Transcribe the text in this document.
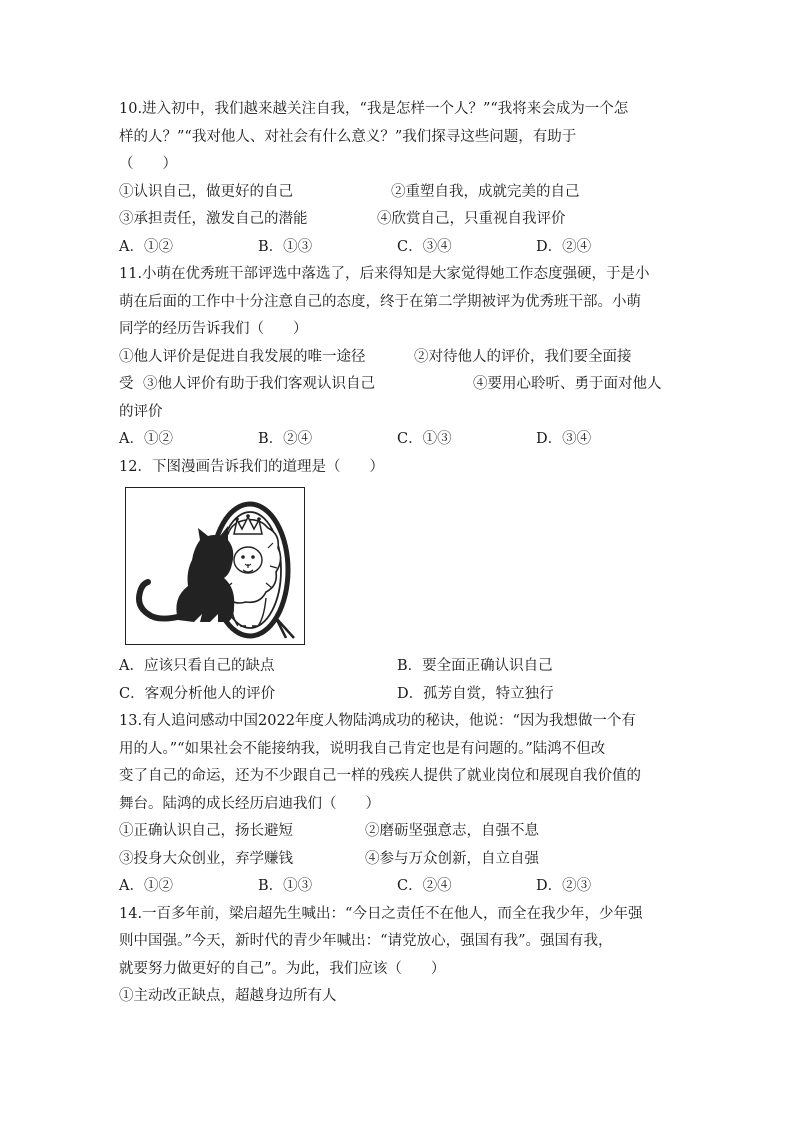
10.进入初中，我们越来越关注自我，“我是怎样一个人？”“我将来会成为一个怎

样的人？”“我对他人、对社会有什么意义？”我们探寻这些问题，有助于

（　　）

①认识自己，做更好的自己	②重塑自我，成就完美的自己
③承担责任，激发自己的潜能	④欣赏自己，只重视自我评价
A．①②	B．①③	C．③④	D．②④

11.小萌在优秀班干部评选中落选了，后来得知是大家觉得她工作态度强硬，于是小

萌在后面的工作中十分注意自己的态度，终于在第二学期被评为优秀班干部。小萌

同学的经历告诉我们（　　）

①他人评价是促进自我发展的唯一途径	②对待他人的评价，我们要全面接
受 ③他人评价有助于我们客观认识自己	④要用心聆听、勇于面对他人

的评价

A．①②	B．②④	C．①③	D．③④

12．下图漫画告诉我们的道理是（　　）

A．应该只看自己的缺点	B．要全面正确认识自己
C．客观分析他人的评价	D．孤芳自赏，特立独行

13.有人追问感动中国2022年度人物陆鸿成功的秘诀，他说：“因为我想做一个有

用的人。”“如果社会不能接纳我，说明我自己肯定也是有问题的。”陆鸿不但改

变了自己的命运，还为不少跟自己一样的残疾人提供了就业岗位和展现自我价值的

舞台。陆鸿的成长经历启迪我们（　　）

①正确认识自己，扬长避短	②磨砺坚强意志，自强不息
③投身大众创业，弃学赚钱	④参与万众创新，自立自强
A．①②	B．①③	C．②④	D．②③

14.一百多年前，梁启超先生喊出：“今日之责任不在他人，而全在我少年，少年强

则中国强。”今天，新时代的青少年喊出：“请党放心，强国有我”。强国有我，

就要努力做更好的自己”。为此，我们应该（　　）

①主动改正缺点，超越身边所有人
